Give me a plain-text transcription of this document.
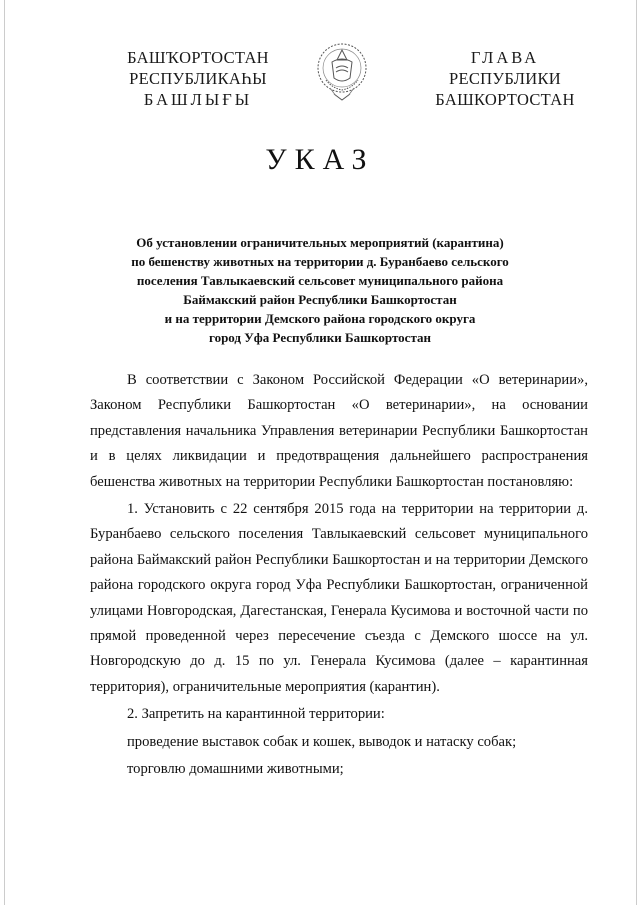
БАШҠОРТОСТАН
РЕСПУБЛИКАҺЫ
БАШЛЫҒЫ
ГЛАВА
РЕСПУБЛИКИ
БАШКОРТОСТАН
УКАЗ
Об установлении ограничительных мероприятий (карантина)
по бешенству животных на территории д. Буранбаево сельского
поселения Тавлыкаевский сельсовет муниципального района
Баймакский район Республики Башкортостан
и на территории Демского района городского округа
город Уфа Республики Башкортостан

В соответствии с Законом Российской Федерации «О ветеринарии», Законом Республики Башкортостан «О ветеринарии», на основании представления начальника Управления ветеринарии Республики Башкортостан и в целях ликвидации и предотвращения дальнейшего распространения бешенства животных на территории Республики Башкортостан постановляю:

1. Установить с 22 сентября 2015 года на территории на территории д. Буранбаево сельского поселения Тавлыкаевский сельсовет муниципального района Баймакский район Республики Башкортостан и на территории Демского района городского округа город Уфа Республики Башкортостан, ограниченной улицами Новгородская, Дагестанская, Генерала Кусимова и восточной части по прямой проведенной через пересечение съезда с Демского шоссе на ул. Новгородскую до д. 15 по ул. Генерала Кусимова (далее – карантинная территория), ограничительные мероприятия (карантин).

2. Запретить на карантинной территории:

проведение выставок собак и кошек, выводок и натаску собак;

торговлю домашними животными;
